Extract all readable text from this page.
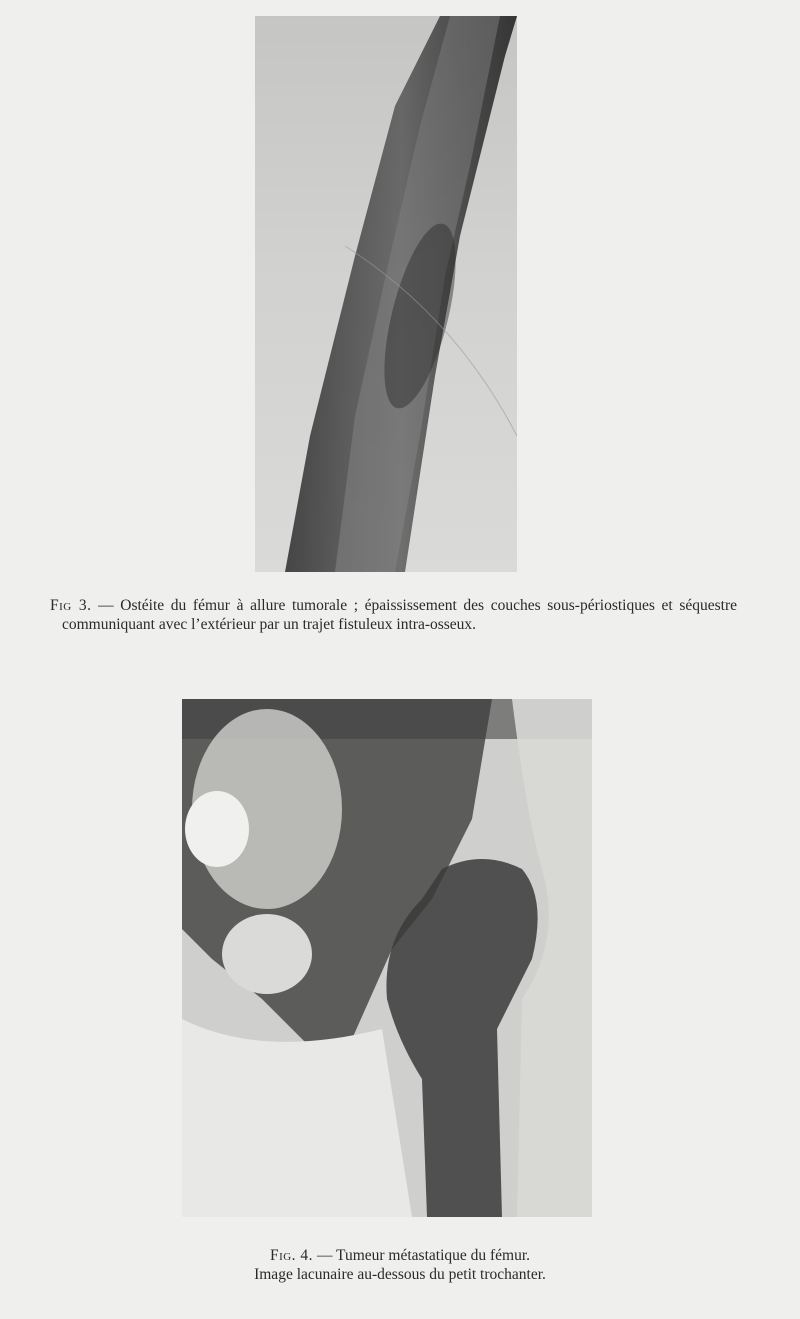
Fig 3. — Ostéite du fémur à allure tumorale ; épaississement des couches sous-périostiques et séquestre communiquant avec l’extérieur par un trajet fistuleux intra-osseux.
Fig. 4. — Tumeur métastatique du fémur.
Image lacunaire au-dessous du petit trochanter.
